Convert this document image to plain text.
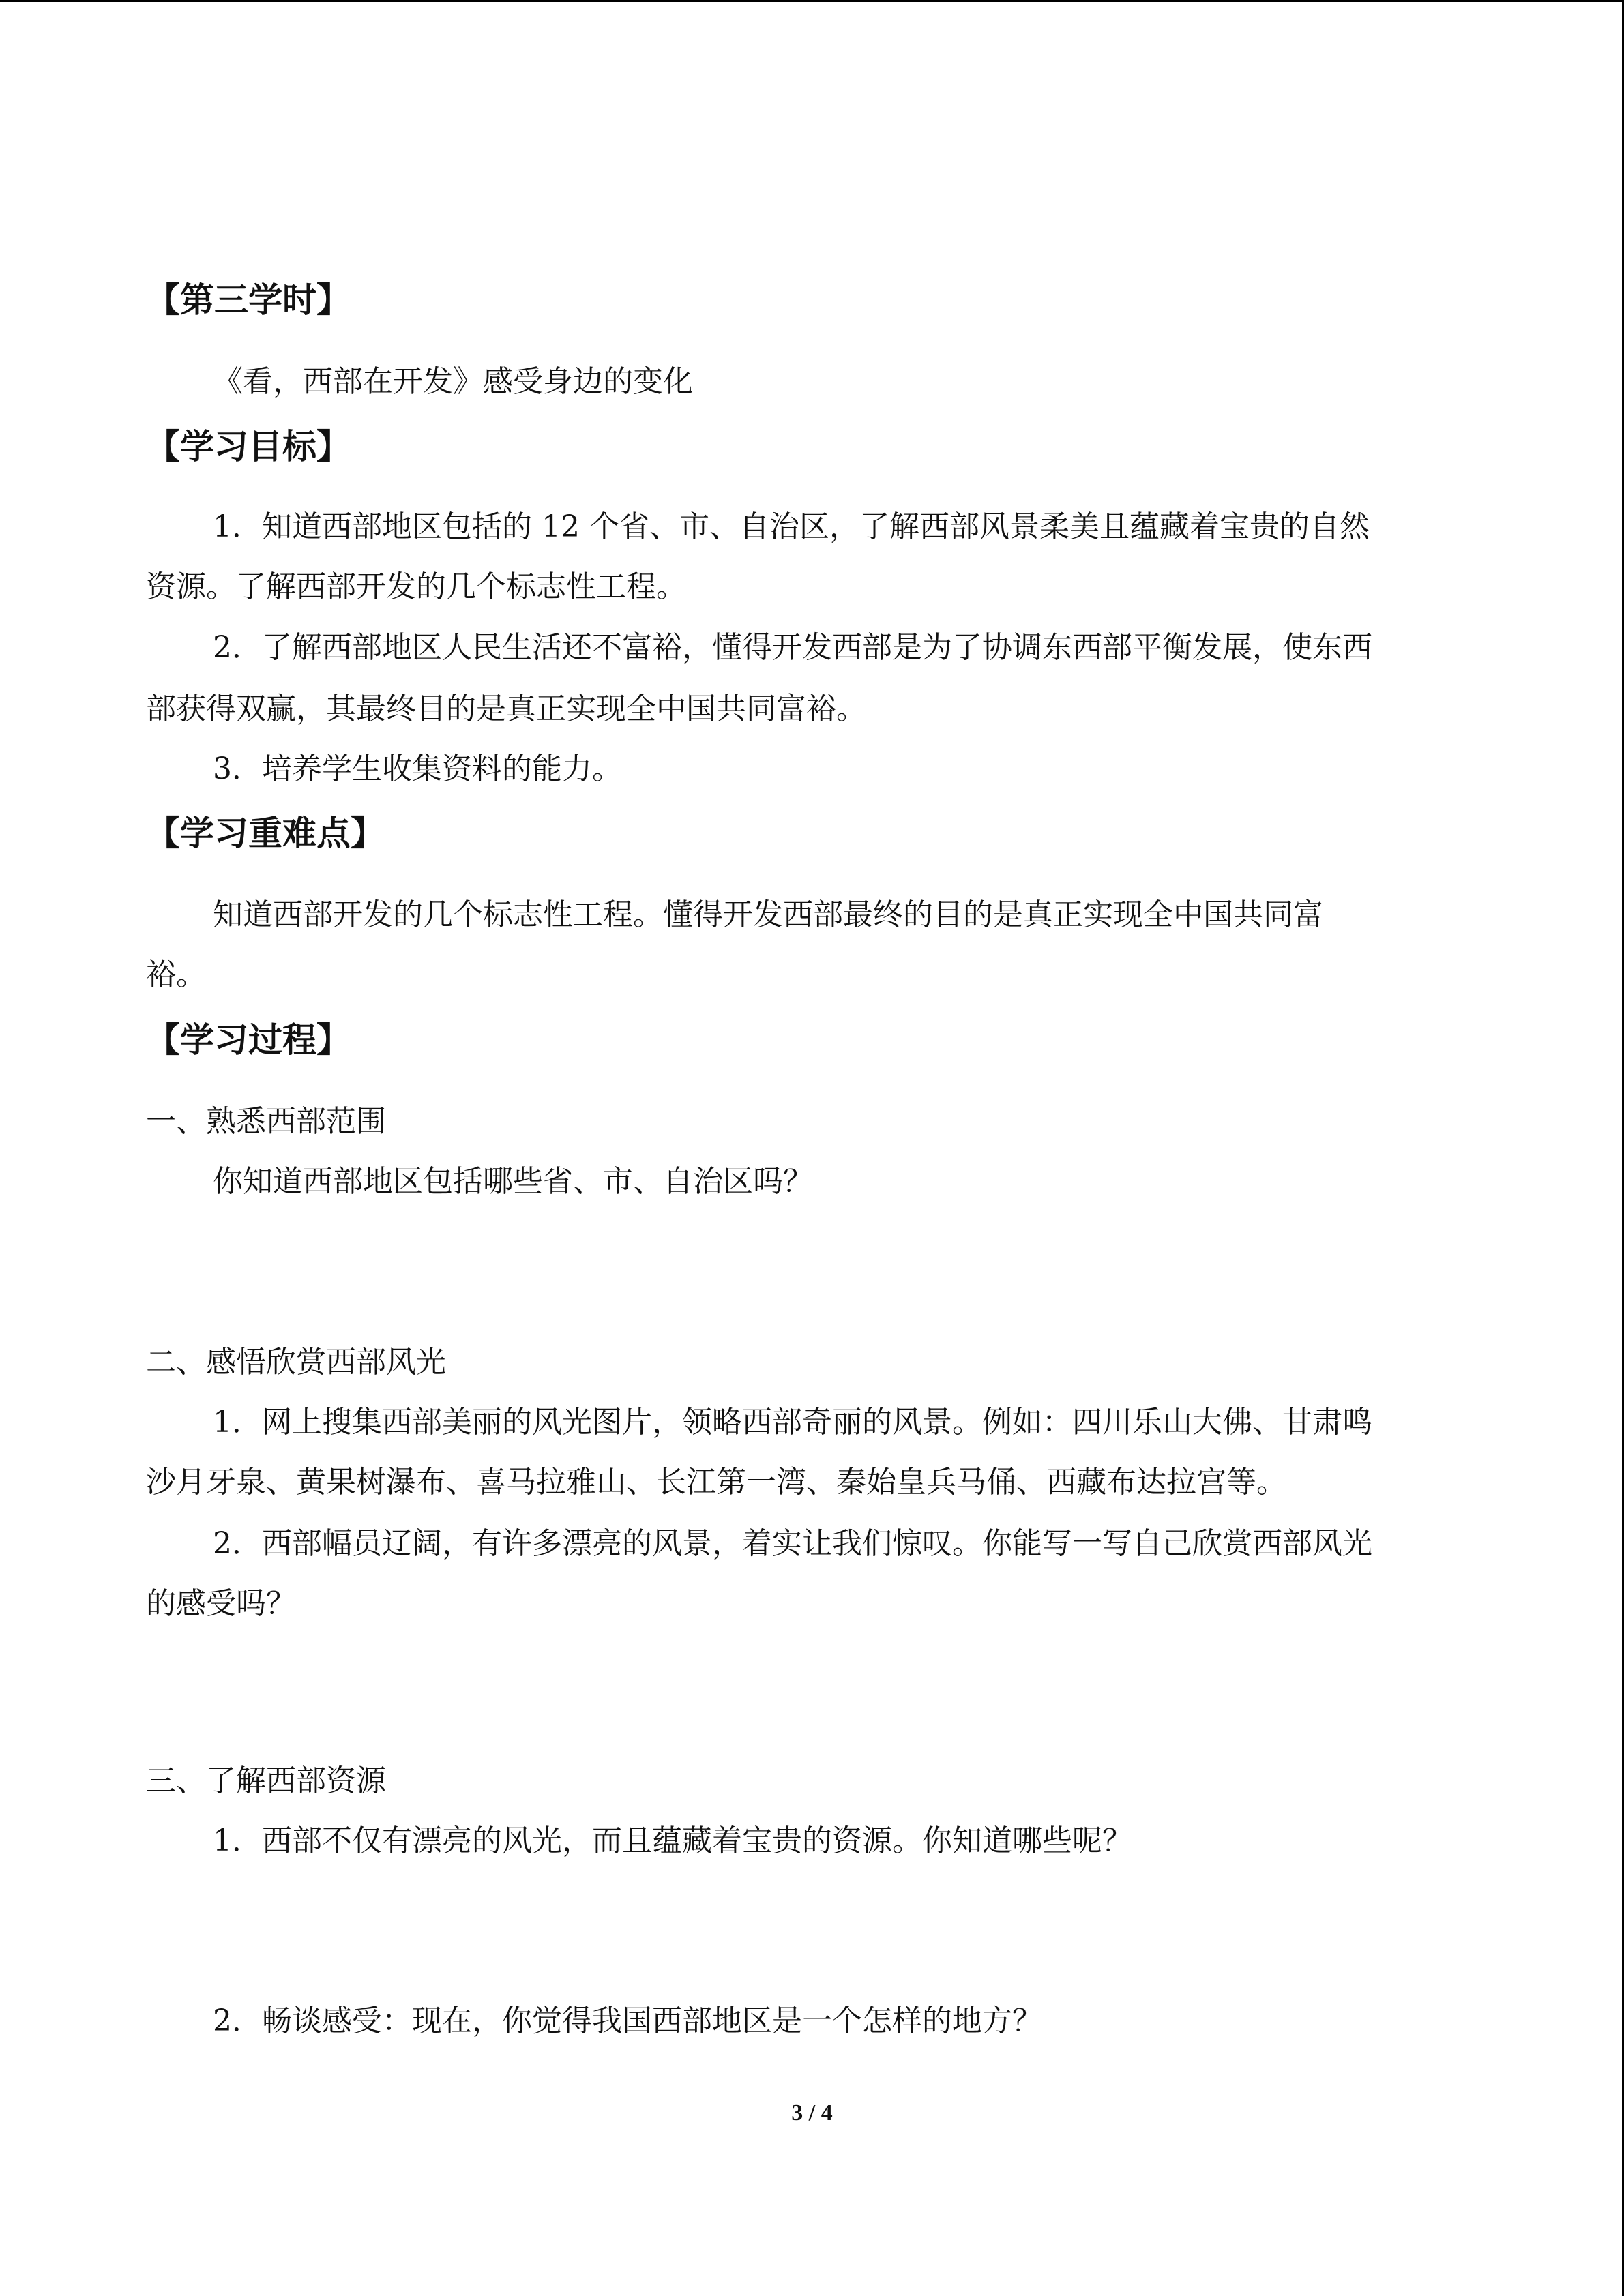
【第三学时】
《看，西部在开发》感受身边的变化
【学习目标】
1．知道西部地区包括的 12 个省、市、自治区，了解西部风景柔美且蕴藏着宝贵的自然
资源。了解西部开发的几个标志性工程。
2．了解西部地区人民生活还不富裕，懂得开发西部是为了协调东西部平衡发展，使东西
部获得双赢，其最终目的是真正实现全中国共同富裕。
3．培养学生收集资料的能力。
【学习重难点】
知道西部开发的几个标志性工程。懂得开发西部最终的目的是真正实现全中国共同富
裕。
【学习过程】
一、熟悉西部范围
你知道西部地区包括哪些省、市、自治区吗？
二、感悟欣赏西部风光
1．网上搜集西部美丽的风光图片，领略西部奇丽的风景。例如：四川乐山大佛、甘肃鸣
沙月牙泉、黄果树瀑布、喜马拉雅山、长江第一湾、秦始皇兵马俑、西藏布达拉宫等。
2．西部幅员辽阔，有许多漂亮的风景，着实让我们惊叹。你能写一写自己欣赏西部风光
的感受吗？
三、了解西部资源
1．西部不仅有漂亮的风光，而且蕴藏着宝贵的资源。你知道哪些呢？
2．畅谈感受：现在，你觉得我国西部地区是一个怎样的地方？
3 / 4
